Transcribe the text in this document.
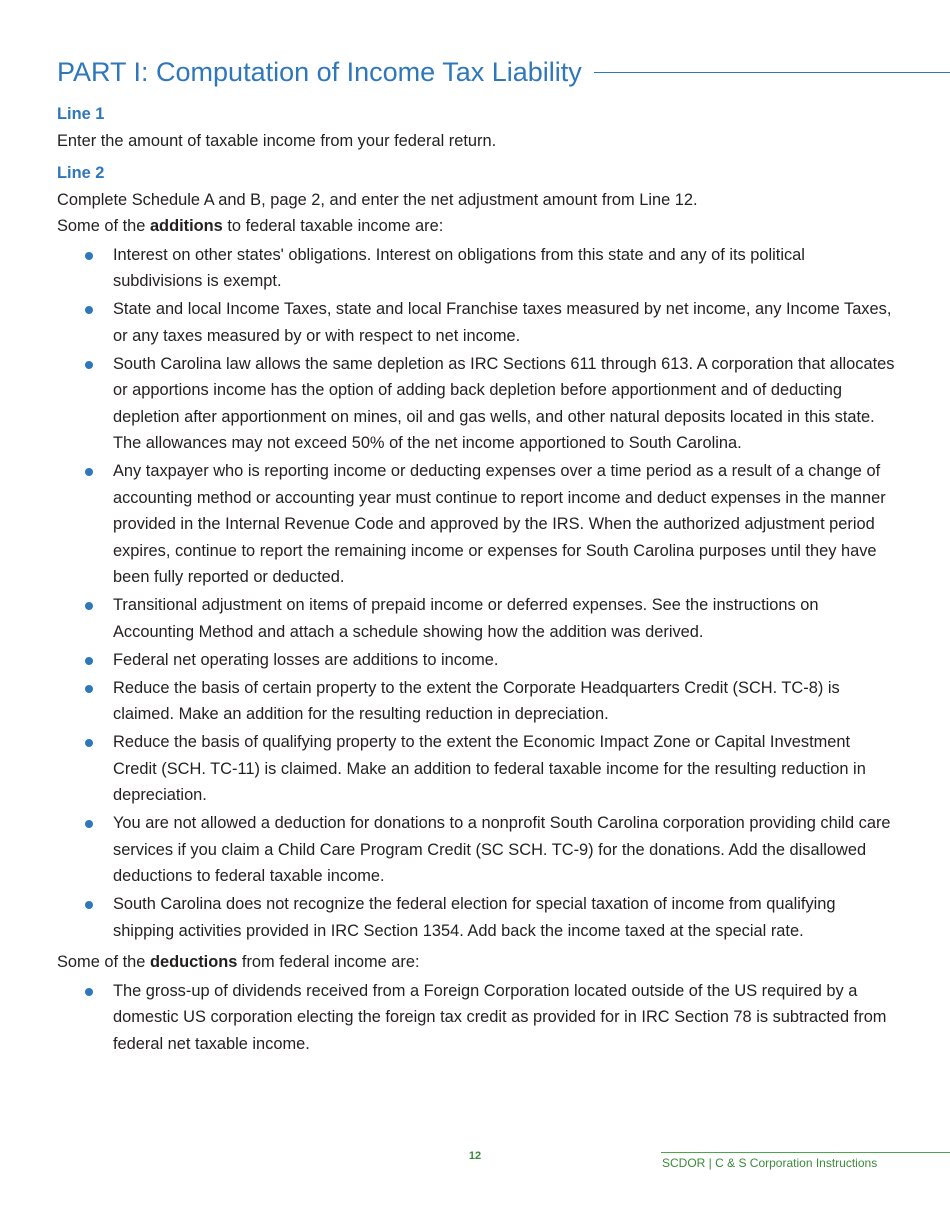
PART I: Computation of Income Tax Liability
Line 1

Enter the amount of taxable income from your federal return.

Line 2

Complete Schedule A and B, page 2, and enter the net adjustment amount from Line 12.

Some of the additions to federal taxable income are:

Interest on other states' obligations. Interest on obligations from this state and any of its political subdivisions is exempt.
State and local Income Taxes, state and local Franchise taxes measured by net income, any Income Taxes, or any taxes measured by or with respect to net income.
South Carolina law allows the same depletion as IRC Sections 611 through 613. A corporation that allocates or apportions income has the option of adding back depletion before apportionment and of deducting depletion after apportionment on mines, oil and gas wells, and other natural deposits located in this state. The allowances may not exceed 50% of the net income apportioned to South Carolina.
Any taxpayer who is reporting income or deducting expenses over a time period as a result of a change of accounting method or accounting year must continue to report income and deduct expenses in the manner provided in the Internal Revenue Code and approved by the IRS. When the authorized adjustment period expires, continue to report the remaining income or expenses for South Carolina purposes until they have been fully reported or deducted.
Transitional adjustment on items of prepaid income or deferred expenses. See the instructions on Accounting Method and attach a schedule showing how the addition was derived.
Federal net operating losses are additions to income.
Reduce the basis of certain property to the extent the Corporate Headquarters Credit (SCH. TC-8) is claimed. Make an addition for the resulting reduction in depreciation.
Reduce the basis of qualifying property to the extent the Economic Impact Zone or Capital Investment Credit (SCH. TC-11) is claimed. Make an addition to federal taxable income for the resulting reduction in depreciation.
You are not allowed a deduction for donations to a nonprofit South Carolina corporation providing child care services if you claim a Child Care Program Credit (SC SCH. TC-9) for the donations. Add the disallowed deductions to federal taxable income.
South Carolina does not recognize the federal election for special taxation of income from qualifying shipping activities provided in IRC Section 1354. Add back the income taxed at the special rate.

Some of the deductions from federal income are:

The gross-up of dividends received from a Foreign Corporation located outside of the US required by a domestic US corporation electing the foreign tax credit as provided for in IRC Section 78 is subtracted from federal net taxable income.
12	SCDOR | C & S Corporation Instructions
